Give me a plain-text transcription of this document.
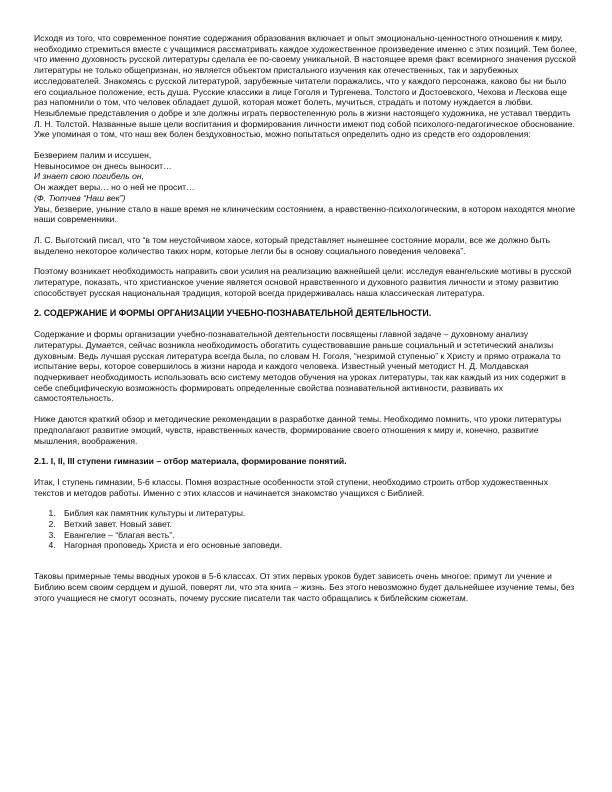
Исходя из того, что современное понятие содержания образования включает и опыт эмоционально-ценностного отношения к миру, необходимо стремиться вместе с учащимися рассматривать каждое художественное произведение именно с этих позиций. Тем более, что именно духовность русской литературы сделала ее по-своему уникальной. В настоящее время факт всемирного значения русской литературы не только общепризнан, но является объектом пристального изучения как отечественных, так и зарубежных исследователей. Знакомясь с русской литературой, зарубежные читатели поражались, что у каждого персонажа, каково бы ни было его социальное положение, есть душа. Русские классики в лице Гоголя и Тургенева. Толстого и Достоевского, Чехова и Лескова еще раз напомнили о том, что человек обладает душой, которая может болеть, мучиться, страдать и потому нуждается в любви. Незыблемые представления о добре и зле должны играть первостепенную роль в жизни настоящего художника, не уставал твердить Л. Н. Толстой. Названные выше цели воспитания и формирования личности имеют под собой психолого-педагогическое обоснование. Уже упоминая о том, что наш век болен бездуховностью, можно попытаться определить одно из средств его оздоровления:

Безверием палим и иссушен,
Невыносимое он днесь выносит…
И знает свою погибель он,
Он жаждет веры… но о ней не просит…
(Ф. Тютчев “Наш век”)

Увы, безверие, уныние стало в наше время не клиническим состоянием, а нравственно-психологическим, в котором находятся многие наши современники.

Л. С. Выготский писал, что “в том неустойчивом хаосе, который представляет нынешнее состояние морали, все же должно быть выделено некоторое количество таких норм, которые легли бы в основу социального поведения человека”.

Поэтому возникает необходимость направить свои усилия на реализацию важнейшей цели: исследуя евангельские мотивы в русской литературе, показать, что христианское учение является основой нравственного и духовного развития личности и этому развитию способствует русская национальная традиция, которой всегда придерживалась наша классическая литература.

2. СОДЕРЖАНИЕ И ФОРМЫ ОРГАНИЗАЦИИ УЧЕБНО-ПОЗНАВАТЕЛЬНОЙ ДЕЯТЕЛЬНОСТИ.

Содержание и формы организации учебно-познавательной деятельности посвящены главной задаче – духовному анализу литературы. Думается, сейчас возникла необходимость обогатить существовавшие раньше социальный и эстетический анализы духовным. Ведь лучшая русская литература всегда была, по словам Н. Гоголя, “незримой ступенью” к Христу и прямо отражала то испытание веры, которое совершилось в жизни народа и каждого человека. Известный ученый методист Н. Д. Молдавская подчеркивает необходимость использовать всю систему методов обучения на уроках литературы, так как каждый из них содержит в себе спебцифическую возможность формировать определенные свойства познавательной активности, развивать их самостоятельность.

Ниже даются краткий обзор и методические рекомендации в разработке данной темы. Необходимо помнить, что уроки литературы предполагают развитие эмоций, чувств, нравственных качеств, формирование своего отношения к миру и, конечно, развитие мышления, воображения.

2.1. I, II, III ступени гимназии – отбор материала, формирование понятий.

Итак, I ступень гимназии, 5-6 классы. Помня возрастные особенности этой ступени, необходимо строить отбор художественных текстов и методов работы. Именно с этих классов и начинается знакомство учащихся с Библией.

1. Библия как памятник культуры и литературы.
2. Ветхий завет. Новый завет.
3. Евангелие – “благая весть”.
4. Нагорная проповедь Христа и его основные заповеди.

Таковы примерные темы вводных уроков в 5-6 классах. От этих первых уроков будет зависеть очень многое: примут ли учение и Библию всем своим сердцем и душой, поверят ли, что эта книга – жизнь. Без этого невозможно будет дальнейшее изучение темы, без этого учащиеся не смогут осознать, почему русские писатели так часто обращались к библейским сюжетам.
